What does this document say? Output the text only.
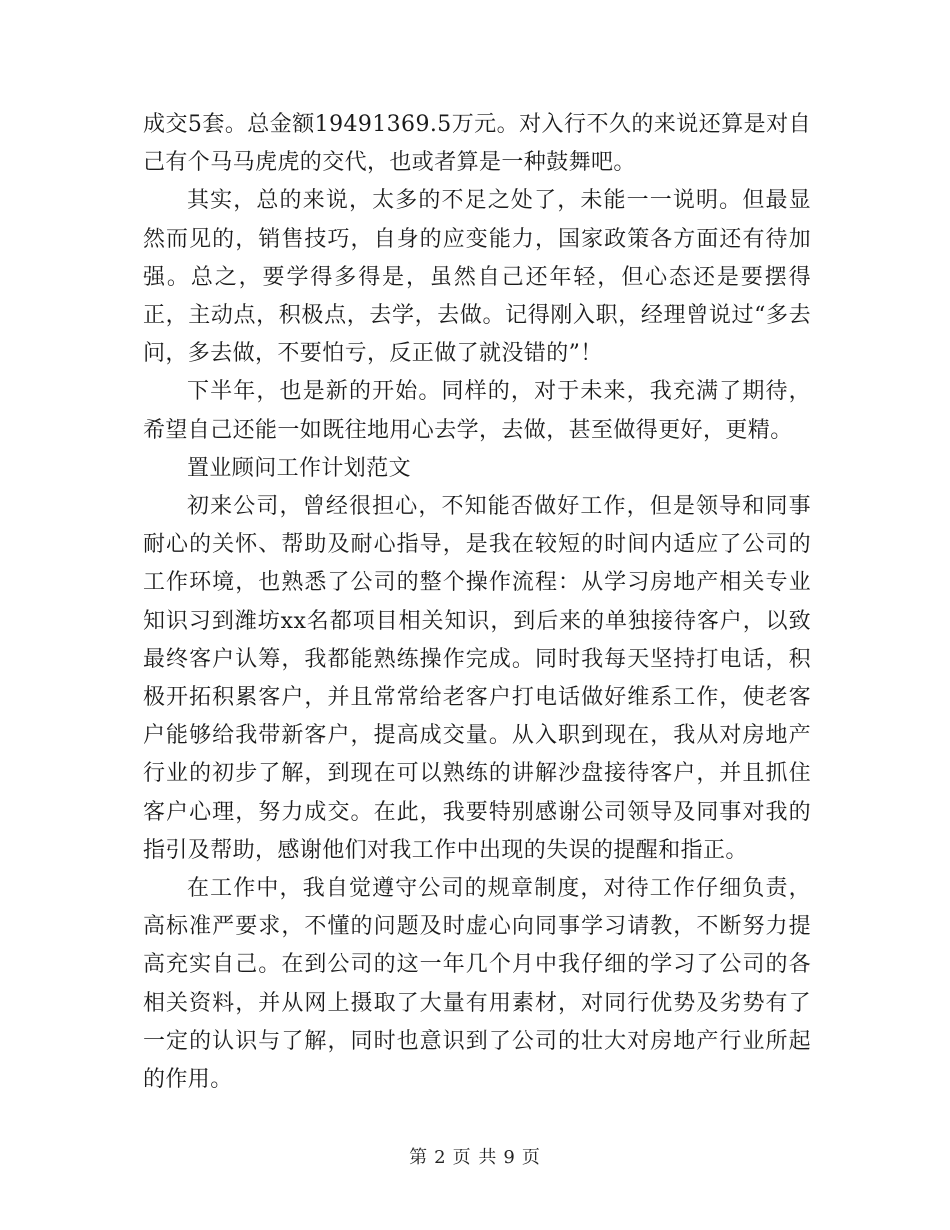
成交5套。总金额19491369.5万元。对入行不久的来说还算是对自己有个马马虎虎的交代，也或者算是一种鼓舞吧。

其实，总的来说，太多的不足之处了，未能一一说明。但最显然而见的，销售技巧，自身的应变能力，国家政策各方面还有待加强。总之，要学得多得是，虽然自己还年轻，但心态还是要摆得正，主动点，积极点，去学，去做。记得刚入职，经理曾说过“多去问，多去做，不要怕亏，反正做了就没错的”！

下半年，也是新的开始。同样的，对于未来，我充满了期待，希望自己还能一如既往地用心去学，去做，甚至做得更好，更精。

置业顾问工作计划范文

初来公司，曾经很担心，不知能否做好工作，但是领导和同事耐心的关怀、帮助及耐心指导，是我在较短的时间内适应了公司的工作环境，也熟悉了公司的整个操作流程：从学习房地产相关专业知识习到潍坊xx名都项目相关知识，到后来的单独接待客户，以致最终客户认筹，我都能熟练操作完成。同时我每天坚持打电话，积极开拓积累客户，并且常常给老客户打电话做好维系工作，使老客户能够给我带新客户，提高成交量。从入职到现在，我从对房地产行业的初步了解，到现在可以熟练的讲解沙盘接待客户，并且抓住客户心理，努力成交。在此，我要特别感谢公司领导及同事对我的指引及帮助，感谢他们对我工作中出现的失误的提醒和指正。

在工作中，我自觉遵守公司的规章制度，对待工作仔细负责，高标准严要求，不懂的问题及时虚心向同事学习请教，不断努力提高充实自己。在到公司的这一年几个月中我仔细的学习了公司的各相关资料，并从网上摄取了大量有用素材，对同行优势及劣势有了一定的认识与了解，同时也意识到了公司的壮大对房地产行业所起的作用。

第 2 页 共 9 页
